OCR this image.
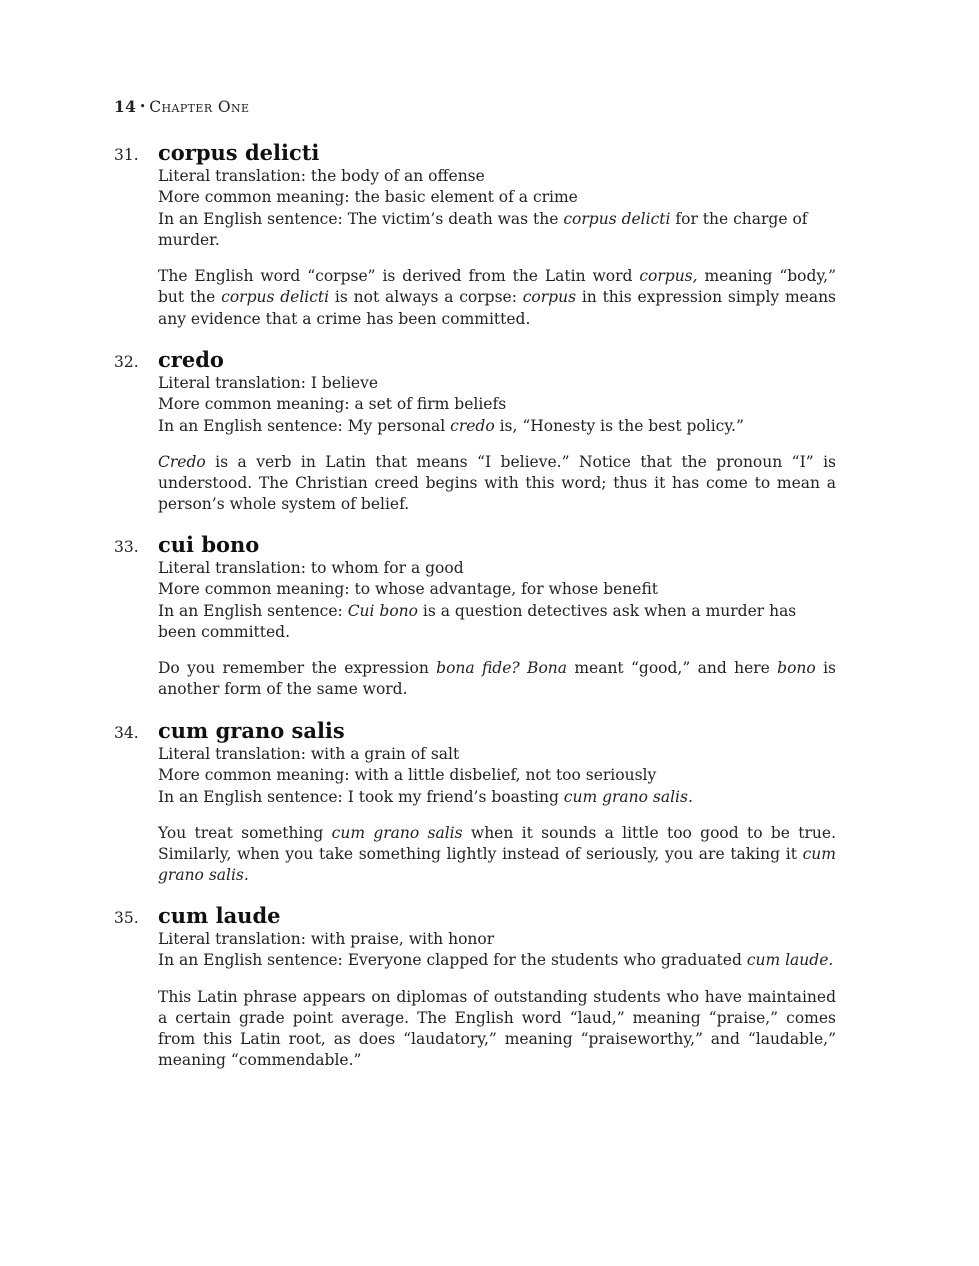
14 • Chapter One
31. corpus delicti

Literal translation: the body of an offense

More common meaning: the basic element of a crime

In an English sentence: The victim’s death was the corpus delicti for the charge of

murder.

The English word “corpse” is derived from the Latin word corpus, meaning “body,” but the corpus delicti is not always a corpse: corpus in this expression simply means any evidence that a crime has been committed.

32. credo

Literal translation: I believe

More common meaning: a set of firm beliefs

In an English sentence: My personal credo is, “Honesty is the best policy.”

Credo is a verb in Latin that means “I believe.” Notice that the pronoun “I” is understood. The Christian creed begins with this word; thus it has come to mean a person’s whole system of belief.

33. cui bono

Literal translation: to whom for a good

More common meaning: to whose advantage, for whose benefit

In an English sentence: Cui bono is a question detectives ask when a murder has

been committed.

Do you remember the expression bona fide? Bona meant “good,” and here bono is another form of the same word.

34. cum grano salis

Literal translation: with a grain of salt

More common meaning: with a little disbelief, not too seriously

In an English sentence: I took my friend’s boasting cum grano salis.

You treat something cum grano salis when it sounds a little too good to be true. Similarly, when you take something lightly instead of seriously, you are taking it cum grano salis.

35. cum laude

Literal translation: with praise, with honor

In an English sentence: Everyone clapped for the students who graduated cum laude.

This Latin phrase appears on diplomas of outstanding students who have maintained a certain grade point average. The English word “laud,” meaning “praise,” comes from this Latin root, as does “laudatory,” meaning “praiseworthy,” and “laudable,” meaning “commendable.”
